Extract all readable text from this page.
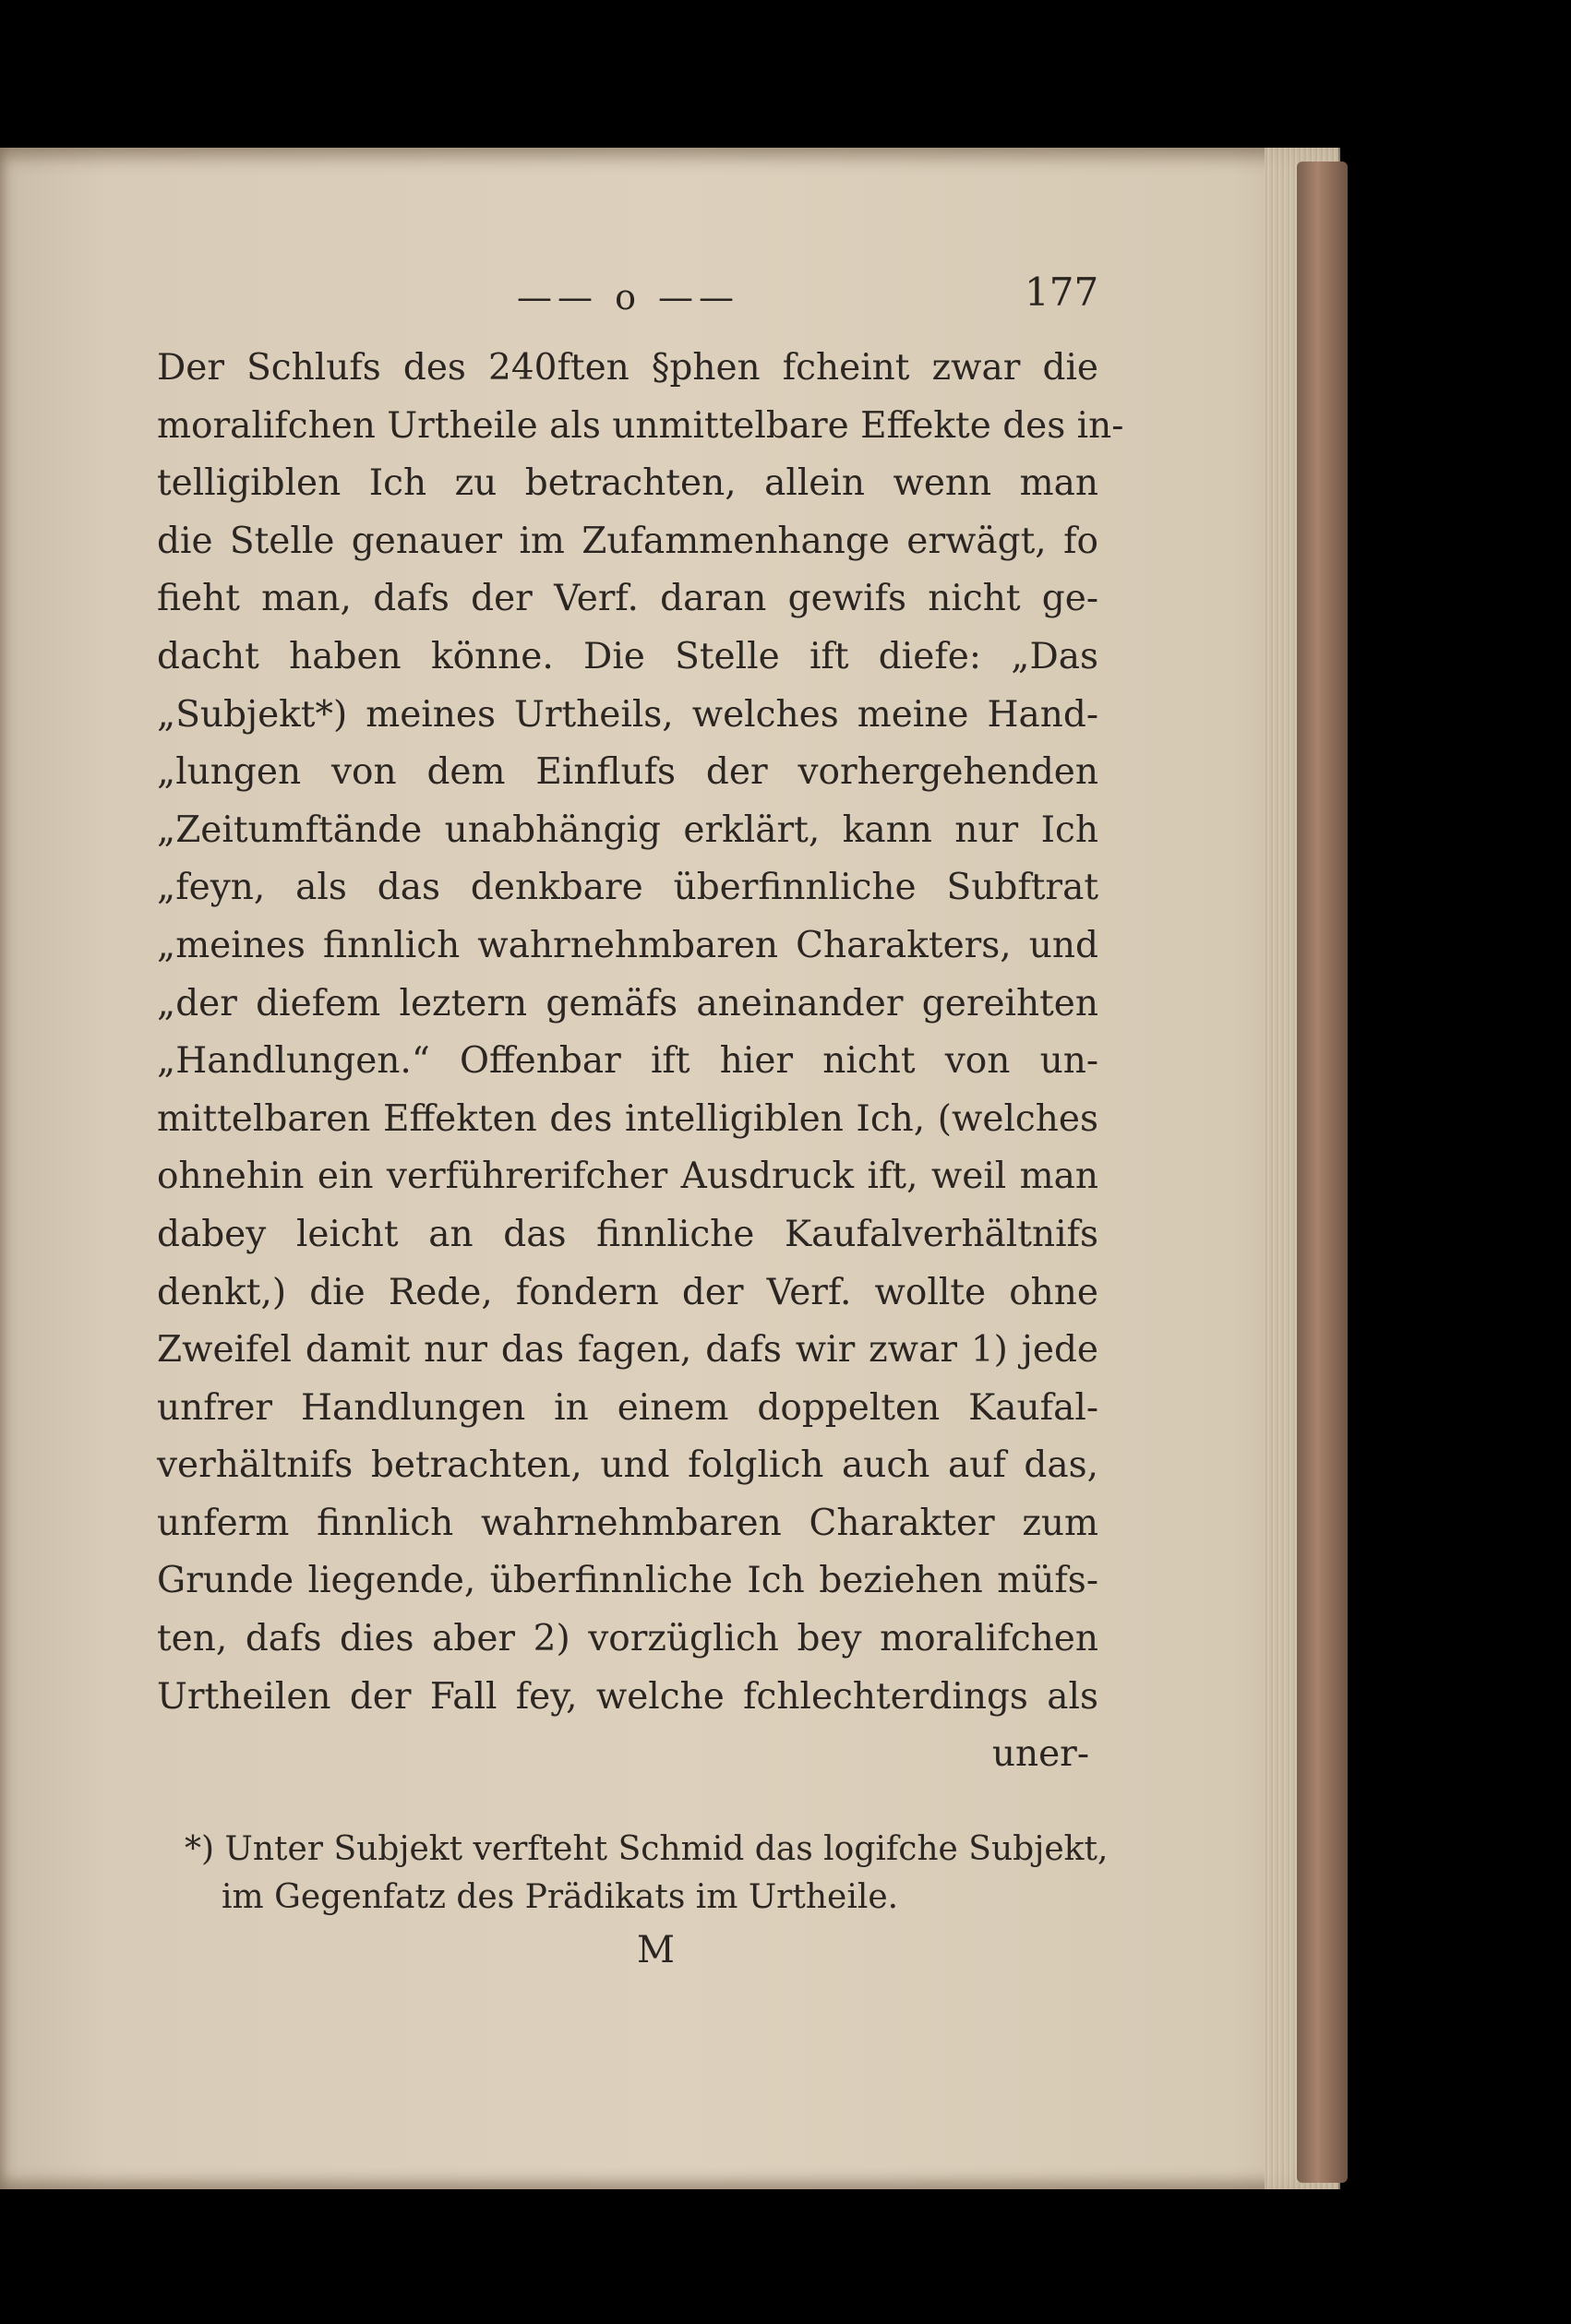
—— o ——	177
Der Schlufs des 240ften §phen fcheint zwar die
moralifchen Urtheile als unmittelbare Effekte des in-
telligiblen Ich zu betrachten, allein wenn man
die Stelle genauer im Zufammenhange erwägt, fo
fieht man, dafs der Verf. daran gewifs nicht ge-
dacht haben könne. Die Stelle ift diefe: „Das
„Subjekt*) meines Urtheils, welches meine Hand-
„lungen von dem Einflufs der vorhergehenden
„Zeitumftände unabhängig erklärt, kann nur Ich
„feyn, als das denkbare überfinnliche Subftrat
„meines finnlich wahrnehmbaren Charakters, und
„der diefem leztern gemäfs aneinander gereihten
„Handlungen.“ Offenbar ift hier nicht von un-
mittelbaren Effekten des intelligiblen Ich, (welches
ohnehin ein verführerifcher Ausdruck ift, weil man
dabey leicht an das finnliche Kaufalverhältnifs
denkt,) die Rede, fondern der Verf. wollte ohne
Zweifel damit nur das fagen, dafs wir zwar 1) jede
unfrer Handlungen in einem doppelten Kaufal-
verhältnifs betrachten, und folglich auch auf das,
unferm finnlich wahrnehmbaren Charakter zum
Grunde liegende, überfinnliche Ich beziehen müfs-
ten, dafs dies aber 2) vorzüglich bey moralifchen
Urtheilen der Fall fey, welche fchlechterdings als
uner-
*) Unter Subjekt verfteht Schmid das logifche Subjekt,
im Gegenfatz des Prädikats im Urtheile.
M
